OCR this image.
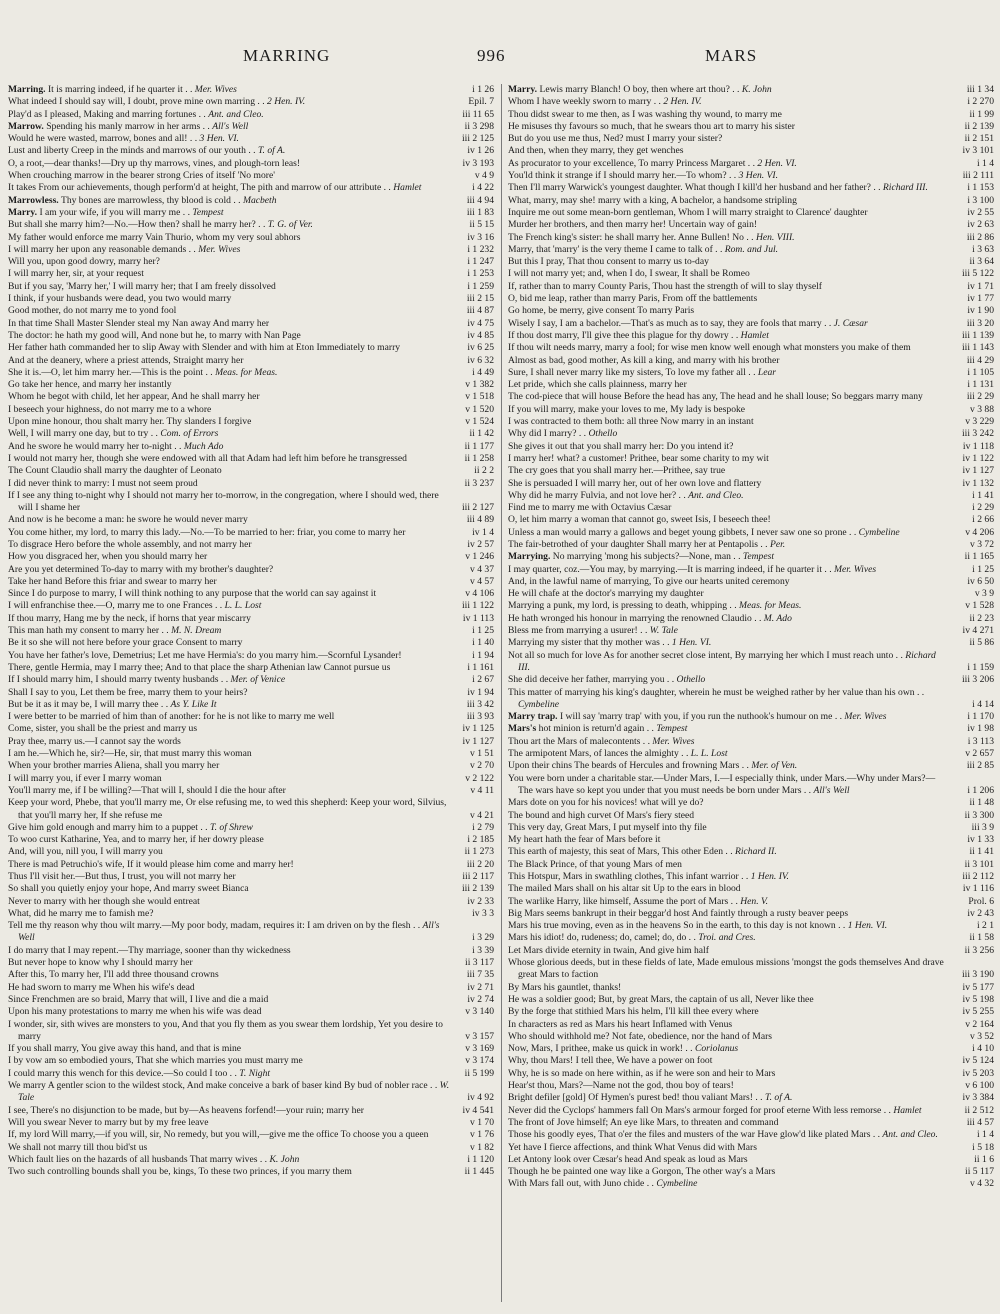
MARRING	996	MARS
Marring. It is marring indeed, if he quarter it . . Mer. Wives	i 1 26
What indeed I should say will, I doubt, prove mine own marring . . 2 Hen. IV.	Epil. 7
Play'd as I pleased, Making and marring fortunes . . Ant. and Cleo.	iii 11 65
Marrow. Spending his manly marrow in her arms . . All's Well	ii 3 298
Would he were wasted, marrow, bones and all! . . 3 Hen. VI.	iii 2 125
Lust and liberty Creep in the minds and marrows of our youth . . T. of A.	iv 1 26
O, a root,—dear thanks!—Dry up thy marrows, vines, and plough-torn leas!	iv 3 193
When crouching marrow in the bearer strong Cries of itself 'No more'	v 4 9
It takes From our achievements, though perform'd at height, The pith and marrow of our attribute . . Hamlet	i 4 22
Marrowless. Thy bones are marrowless, thy blood is cold . . Macbeth	iii 4 94
Marry. I am your wife, if you will marry me . . Tempest	iii 1 83
But shall she marry him?—No.—How then? shall he marry her? . . T. G. of Ver.	ii 5 15
My father would enforce me marry Vain Thurio, whom my very soul abhors	iv 3 16
I will marry her upon any reasonable demands . . Mer. Wives	i 1 232
Will you, upon good dowry, marry her?	i 1 247
I will marry her, sir, at your request	i 1 253
But if you say, 'Marry her,' I will marry her; that I am freely dissolved	i 1 259
I think, if your husbands were dead, you two would marry	iii 2 15
Good mother, do not marry me to yond fool	iii 4 87
In that time Shall Master Slender steal my Nan away And marry her	iv 4 75
The doctor: he hath my good will, And none but he, to marry with Nan Page	iv 4 85
Her father hath commanded her to slip Away with Slender and with him at Eton Immediately to marry	iv 6 25
And at the deanery, where a priest attends, Straight marry her	iv 6 32
She it is.—O, let him marry her.—This is the point . . Meas. for Meas.	i 4 49
Go take her hence, and marry her instantly	v 1 382
Whom he begot with child, let her appear, And he shall marry her	v 1 518
I beseech your highness, do not marry me to a whore	v 1 520
Upon mine honour, thou shalt marry her. Thy slanders I forgive	v 1 524
Well, I will marry one day, but to try . . Com. of Errors	ii 1 42
And he swore he would marry her to-night . . Much Ado	ii 1 177
I would not marry her, though she were endowed with all that Adam had left him before he transgressed	ii 1 258
The Count Claudio shall marry the daughter of Leonato	ii 2 2
I did never think to marry: I must not seem proud	ii 3 237
If I see any thing to-night why I should not marry her to-morrow, in the congregation, where I should wed, there will I shame her	iii 2 127
And now is he become a man: he swore he would never marry	iii 4 89
You come hither, my lord, to marry this lady.—No.—To be married to her: friar, you come to marry her	iv 1 4
To disgrace Hero before the whole assembly, and not marry her	iv 2 57
How you disgraced her, when you should marry her	v 1 246
Are you yet determined To-day to marry with my brother's daughter?	v 4 37
Take her hand Before this friar and swear to marry her	v 4 57
Since I do purpose to marry, I will think nothing to any purpose that the world can say against it	v 4 106
I will enfranchise thee.—O, marry me to one Frances . . L. L. Lost	iii 1 122
If thou marry, Hang me by the neck, if horns that year miscarry	iv 1 113
This man hath my consent to marry her . . M. N. Dream	i 1 25
Be it so she will not here before your grace Consent to marry	i 1 40
You have her father's love, Demetrius; Let me have Hermia's: do you marry him.—Scornful Lysander!	i 1 94
There, gentle Hermia, may I marry thee; And to that place the sharp Athenian law Cannot pursue us	i 1 161
If I should marry him, I should marry twenty husbands . . Mer. of Venice	i 2 67
Shall I say to you, Let them be free, marry them to your heirs?	iv 1 94
But be it as it may be, I will marry thee . . As Y. Like It	iii 3 42
I were better to be married of him than of another: for he is not like to marry me well	iii 3 93
Come, sister, you shall be the priest and marry us	iv 1 125
Pray thee, marry us.—I cannot say the words	iv 1 127
I am he.—Which he, sir?—He, sir, that must marry this woman	v 1 51
When your brother marries Aliena, shall you marry her	v 2 70
I will marry you, if ever I marry woman	v 2 122
You'll marry me, if I be willing?—That will I, should I die the hour after	v 4 11
Keep your word, Phebe, that you'll marry me, Or else refusing me, to wed this shepherd: Keep your word, Silvius, that you'll marry her, If she refuse me	v 4 21
Give him gold enough and marry him to a puppet . . T. of Shrew	i 2 79
To woo curst Katharine, Yea, and to marry her, if her dowry please	i 2 185
And, will you, nill you, I will marry you	ii 1 273
There is mad Petruchio's wife, If it would please him come and marry her!	iii 2 20
Thus I'll visit her.—But thus, I trust, you will not marry her	iii 2 117
So shall you quietly enjoy your hope, And marry sweet Bianca	iii 2 139
Never to marry with her though she would entreat	iv 2 33
What, did he marry me to famish me?	iv 3 3
Tell me thy reason why thou wilt marry.—My poor body, madam, requires it: I am driven on by the flesh . . All's Well	i 3 29
I do marry that I may repent.—Thy marriage, sooner than thy wickedness	i 3 39
But never hope to know why I should marry her	ii 3 117
After this, To marry her, I'll add three thousand crowns	iii 7 35
He had sworn to marry me When his wife's dead	iv 2 71
Since Frenchmen are so braid, Marry that will, I live and die a maid	iv 2 74
Upon his many protestations to marry me when his wife was dead	v 3 140
I wonder, sir, sith wives are monsters to you, And that you fly them as you swear them lordship, Yet you desire to marry	v 3 157
If you shall marry, You give away this hand, and that is mine	v 3 169
I by vow am so embodied yours, That she which marries you must marry me	v 3 174
I could marry this wench for this device.—So could I too . . T. Night	ii 5 199
We marry A gentler scion to the wildest stock, And make conceive a bark of baser kind By bud of nobler race . . W. Tale	iv 4 92
I see, There's no disjunction to be made, but by—As heavens forfend!—your ruin; marry her	iv 4 541
Will you swear Never to marry but by my free leave	v 1 70
If, my lord Will marry,—if you will, sir, No remedy, but you will,—give me the office To choose you a queen	v 1 76
We shall not marry till thou bid'st us	v 1 82
Which fault lies on the hazards of all husbands That marry wives . . K. John	i 1 120
Two such controlling bounds shall you be, kings, To these two princes, if you marry them	ii 1 445
Marry. Lewis marry Blanch! O boy, then where art thou? . . K. John	iii 1 34
Whom I have weekly sworn to marry . . 2 Hen. IV.	i 2 270
Thou didst swear to me then, as I was washing thy wound, to marry me	ii 1 99
He misuses thy favours so much, that he swears thou art to marry his sister	ii 2 139
But do you use me thus, Ned? must I marry your sister?	ii 2 151
And then, when they marry, they get wenches	iv 3 101
As procurator to your excellence, To marry Princess Margaret . . 2 Hen. VI.	i 1 4
You'ld think it strange if I should marry her.—To whom? . . 3 Hen. VI.	iii 2 111
Then I'll marry Warwick's youngest daughter. What though I kill'd her husband and her father? . . Richard III.	i 1 153
What, marry, may she! marry with a king, A bachelor, a handsome stripling	i 3 100
Inquire me out some mean-born gentleman, Whom I will marry straight to Clarence' daughter	iv 2 55
Murder her brothers, and then marry her! Uncertain way of gain!	iv 2 63
The French king's sister: he shall marry her. Anne Bullen! No . . Hen. VIII.	iii 2 86
Marry, that 'marry' is the very theme I came to talk of . . Rom. and Jul.	i 3 63
But this I pray, That thou consent to marry us to-day	ii 3 64
I will not marry yet; and, when I do, I swear, It shall be Romeo	iii 5 122
If, rather than to marry County Paris, Thou hast the strength of will to slay thyself	iv 1 71
O, bid me leap, rather than marry Paris, From off the battlements	iv 1 77
Go home, be merry, give consent To marry Paris	iv 1 90
Wisely I say, I am a bachelor.—That's as much as to say, they are fools that marry . . J. Cæsar	iii 3 20
If thou dost marry, I'll give thee this plague for thy dowry . . Hamlet	iii 1 139
If thou wilt needs marry, marry a fool; for wise men know well enough what monsters you make of them	iii 1 143
Almost as bad, good mother, As kill a king, and marry with his brother	iii 4 29
Sure, I shall never marry like my sisters, To love my father all . . Lear	i 1 105
Let pride, which she calls plainness, marry her	i 1 131
The cod-piece that will house Before the head has any, The head and he shall louse; So beggars marry many	iii 2 29
If you will marry, make your loves to me, My lady is bespoke	v 3 88
I was contracted to them both: all three Now marry in an instant	v 3 229
Why did I marry? . . Othello	iii 3 242
She gives it out that you shall marry her: Do you intend it?	iv 1 118
I marry her! what? a customer! Prithee, bear some charity to my wit	iv 1 122
The cry goes that you shall marry her.—Prithee, say true	iv 1 127
She is persuaded I will marry her, out of her own love and flattery	iv 1 132
Why did he marry Fulvia, and not love her? . . Ant. and Cleo.	i 1 41
Find me to marry me with Octavius Cæsar	i 2 29
O, let him marry a woman that cannot go, sweet Isis, I beseech thee!	i 2 66
Unless a man would marry a gallows and beget young gibbets, I never saw one so prone . . Cymbeline	v 4 206
The fair-betrothed of your daughter Shall marry her at Pentapolis . . Per.	v 3 72
Marrying. No marrying 'mong his subjects?—None, man . . Tempest	ii 1 165
I may quarter, coz.—You may, by marrying.—It is marring indeed, if he quarter it . . Mer. Wives	i 1 25
And, in the lawful name of marrying, To give our hearts united ceremony	iv 6 50
He will chafe at the doctor's marrying my daughter	v 3 9
Marrying a punk, my lord, is pressing to death, whipping . . Meas. for Meas.	v 1 528
He hath wronged his honour in marrying the renowned Claudio . . M. Ado	ii 2 23
Bless me from marrying a usurer! . . W. Tale	iv 4 271
Marrying my sister that thy mother was . . 1 Hen. VI.	ii 5 86
Not all so much for love As for another secret close intent, By marrying her which I must reach unto . . Richard III.	i 1 159
She did deceive her father, marrying you . . Othello	iii 3 206
This matter of marrying his king's daughter, wherein he must be weighed rather by her value than his own . . Cymbeline	i 4 14
Marry trap. I will say 'marry trap' with you, if you run the nuthook's humour on me . . Mer. Wives	i 1 170
Mars's hot minion is return'd again . . Tempest	iv 1 98
Thou art the Mars of malecontents . . Mer. Wives	i 3 113
The armipotent Mars, of lances the almighty . . L. L. Lost	v 2 657
Upon their chins The beards of Hercules and frowning Mars . . Mer. of Ven.	iii 2 85
You were born under a charitable star.—Under Mars, I.—I especially think, under Mars.—Why under Mars?—The wars have so kept you under that you must needs be born under Mars . . All's Well	i 1 206
Mars dote on you for his novices! what will ye do?	ii 1 48
The bound and high curvet Of Mars's fiery steed	ii 3 300
This very day, Great Mars, I put myself into thy file	iii 3 9
My heart hath the fear of Mars before it	iv 1 33
This earth of majesty, this seat of Mars, This other Eden . . Richard II.	ii 1 41
The Black Prince, of that young Mars of men	ii 3 101
This Hotspur, Mars in swathling clothes, This infant warrior . . 1 Hen. IV.	iii 2 112
The mailed Mars shall on his altar sit Up to the ears in blood	iv 1 116
The warlike Harry, like himself, Assume the port of Mars . . Hen. V.	Prol. 6
Big Mars seems bankrupt in their beggar'd host And faintly through a rusty beaver peeps	iv 2 43
Mars his true moving, even as in the heavens So in the earth, to this day is not known . . 1 Hen. VI.	i 2 1
Mars his idiot! do, rudeness; do, camel; do, do . . Troi. and Cres.	ii 1 58
Let Mars divide eternity in twain, And give him half	ii 3 256
Whose glorious deeds, but in these fields of late, Made emulous missions 'mongst the gods themselves And drave great Mars to faction	iii 3 190
By Mars his gauntlet, thanks!	iv 5 177
He was a soldier good; But, by great Mars, the captain of us all, Never like thee	iv 5 198
By the forge that stithied Mars his helm, I'll kill thee every where	iv 5 255
In characters as red as Mars his heart Inflamed with Venus	v 2 164
Who should withhold me? Not fate, obedience, nor the hand of Mars	v 3 52
Now, Mars, I prithee, make us quick in work! . . Coriolanus	i 4 10
Why, thou Mars! I tell thee, We have a power on foot	iv 5 124
Why, he is so made on here within, as if he were son and heir to Mars	iv 5 203
Hear'st thou, Mars?—Name not the god, thou boy of tears!	v 6 100
Bright defiler [gold] Of Hymen's purest bed! thou valiant Mars! . . T. of A.	iv 3 384
Never did the Cyclops' hammers fall On Mars's armour forged for proof eterne With less remorse . . Hamlet	ii 2 512
The front of Jove himself; An eye like Mars, to threaten and command	iii 4 57
Those his goodly eyes, That o'er the files and musters of the war Have glow'd like plated Mars . . Ant. and Cleo.	i 1 4
Yet have I fierce affections, and think What Venus did with Mars	i 5 18
Let Antony look over Cæsar's head And speak as loud as Mars	ii 1 6
Though he be painted one way like a Gorgon, The other way's a Mars	ii 5 117
With Mars fall out, with Juno chide . . Cymbeline	v 4 32
